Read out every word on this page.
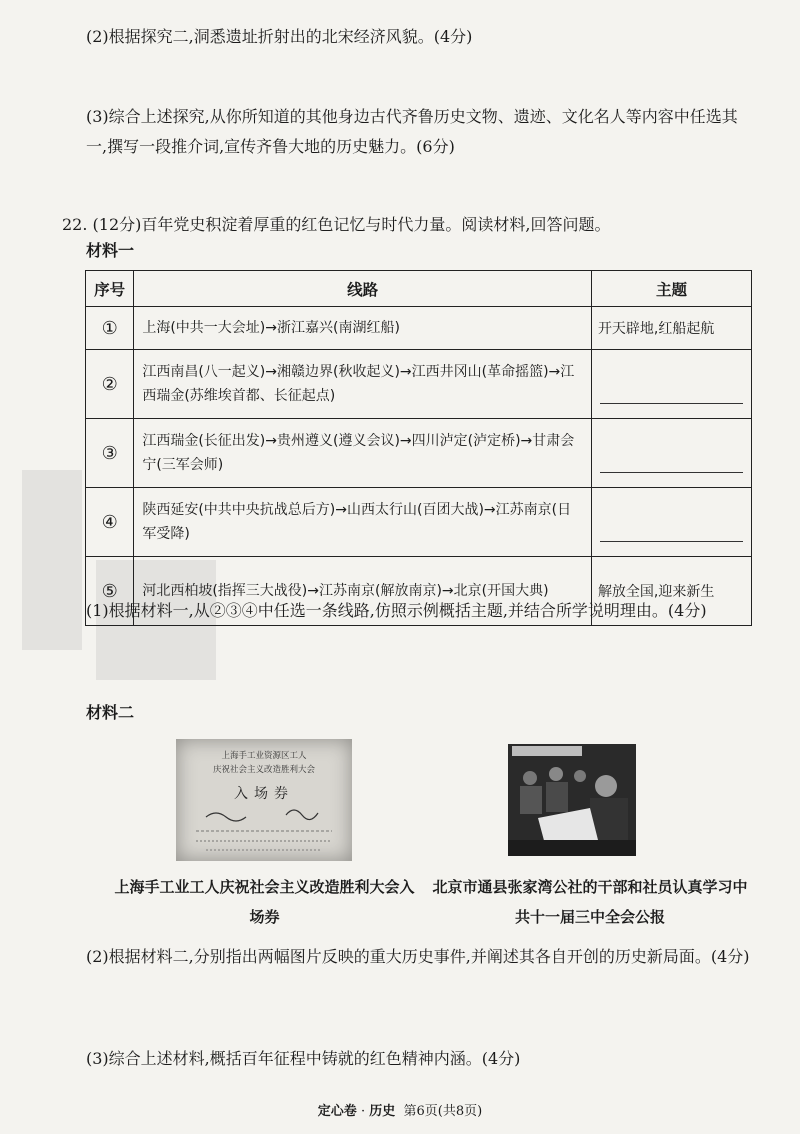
(2)根据探究二,洞悉遗址折射出的北宋经济风貌。(4分)
(3)综合上述探究,从你所知道的其他身边古代齐鲁历史文物、遗迹、文化名人等内容中任选其一,撰写一段推介词,宣传齐鲁大地的历史魅力。(6分)
22. (12分)百年党史积淀着厚重的红色记忆与时代力量。阅读材料,回答问题。
材料一
序号	线路	主题
①	上海(中共一大会址)→浙江嘉兴(南湖红船)	开天辟地,红船起航
②	江西南昌(八一起义)→湘赣边界(秋收起义)→江西井冈山(革命摇篮)→江西瑞金(苏维埃首都、长征起点)	

③	江西瑞金(长征出发)→贵州遵义(遵义会议)→四川泸定(泸定桥)→甘肃会宁(三军会师)	

④	陕西延安(中共中央抗战总后方)→山西太行山(百团大战)→江苏南京(日军受降)	

⑤	河北西柏坡(指挥三大战役)→江苏南京(解放南京)→北京(开国大典)	解放全国,迎来新生
(1)根据材料一,从②③④中任选一条线路,仿照示例概括主题,并结合所学说明理由。(4分)
材料二
上海手工业资源区工人
庆祝社会主义改造胜利大会
入场券
上海手工业工人庆祝社会主义改造胜利大会入场券
北京市通县张家湾公社的干部和社员认真学习中共十一届三中全会公报
(2)根据材料二,分别指出两幅图片反映的重大历史事件,并阐述其各自开创的历史新局面。(4分)
(3)综合上述材料,概括百年征程中铸就的红色精神内涵。(4分)
定心卷 · 历史 第6页(共8页)
